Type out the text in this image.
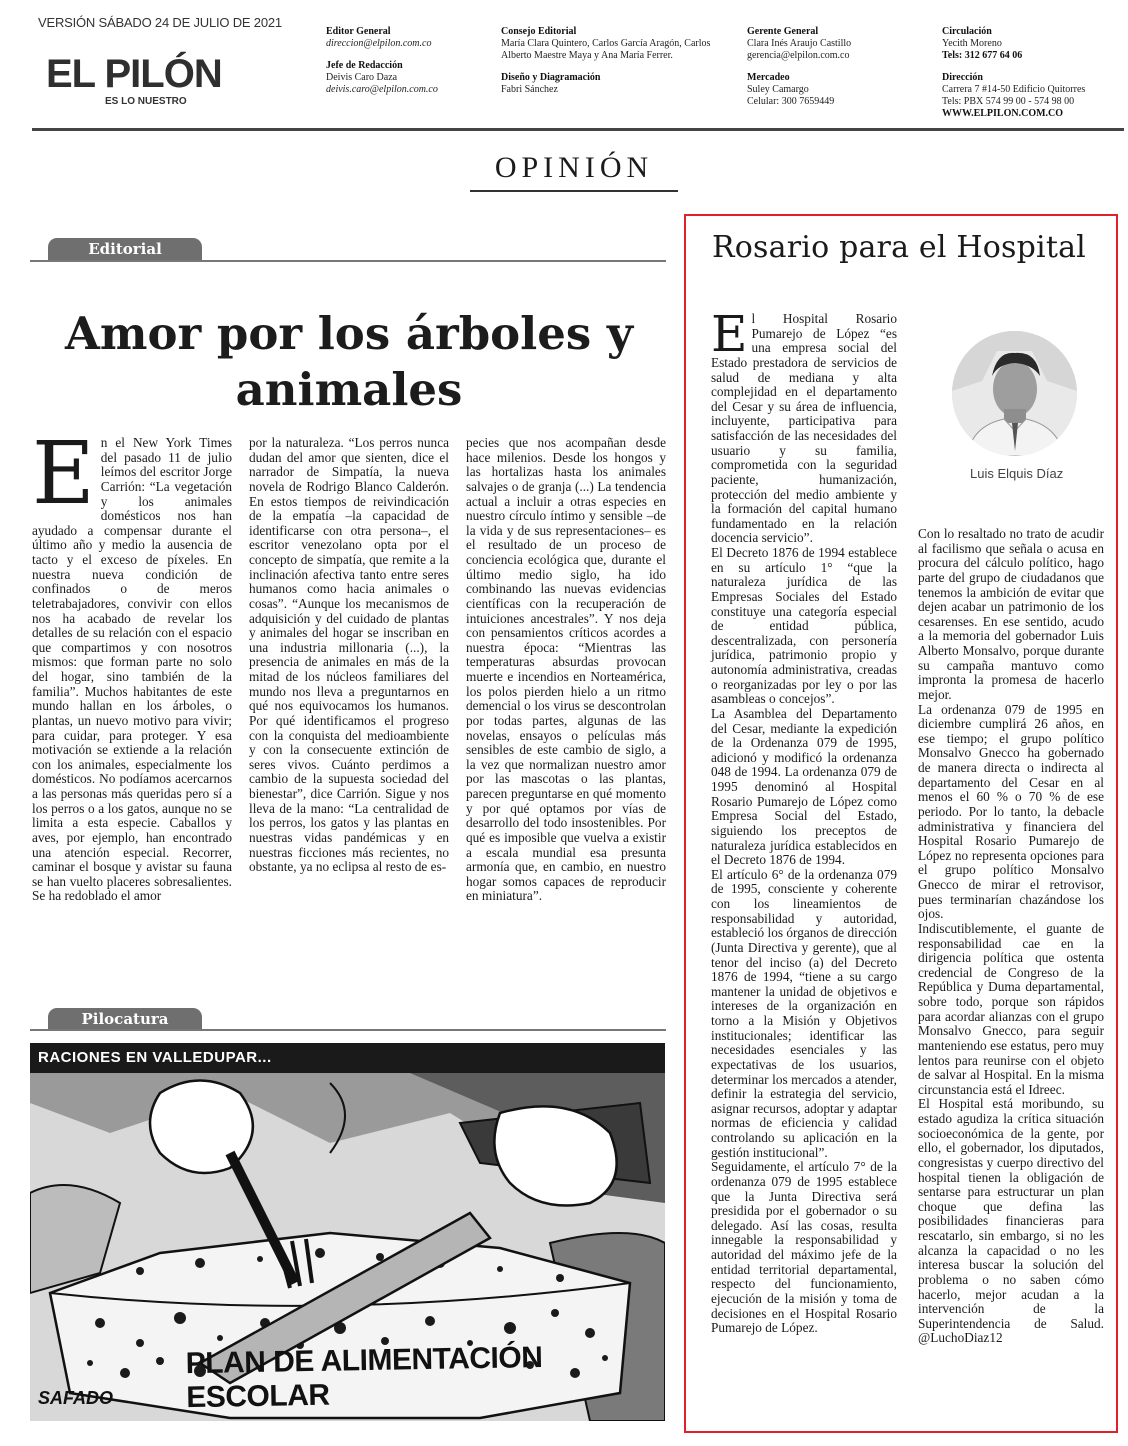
VERSIÓN SÁBADO 24 DE JULIO DE 2021
EL PILÓN
ES LO NUESTRO
Editor General
direccion@elpilon.com.co
Jefe de Redacción
Deivis Caro Daza
deivis.caro@elpilon.com.co
Consejo Editorial
María Clara Quintero, Carlos García Aragón, Carlos Alberto Maestre Maya y Ana María Ferrer.
Diseño y Diagramación
Fabri Sánchez
Gerente General
Clara Inés Araujo Castillo
gerencia@elpilon.com.co
Mercadeo
Suley Camargo
Celular: 300 7659449
Circulación
Yecith Moreno
Tels: 312 677 64 06
Dirección
Carrera 7 #14-50 Edificio Quitorres
Tels: PBX 574 99 00 - 574 98 00
WWW.ELPILON.COM.CO
OPINIÓN
Editorial
Amor por los árboles y animales
E n el New York Times del pasado 11 de julio leímos del escritor Jorge Carrión: “La vegetación y los animales domésticos nos han ayudado a compensar durante el último año y medio la ausencia de tacto y el exceso de píxeles. En nuestra nueva condición de confinados o de meros teletrabajadores, convivir con ellos nos ha acabado de revelar los detalles de su relación con el espacio que compartimos y con nosotros mismos: que forman parte no solo del hogar, sino también de la familia”. Muchos habitantes de este mundo hallan en los árboles, o plantas, un nuevo motivo para vivir; para cuidar, para proteger. Y esa motivación se extiende a la relación con los animales, especialmente los domésticos. No podíamos acercarnos a las personas más queridas pero sí a los perros o a los gatos, aunque no se limita a esta especie. Caballos y aves, por ejemplo, han encontrado una atención especial. Recorrer, caminar el bosque y avistar su fauna se han vuelto placeres sobresalientes. Se ha redoblado el amor

por la naturaleza. “Los perros nunca dudan del amor que sienten, dice el narrador de Simpatía, la nueva novela de Rodrigo Blanco Calderón. En estos tiempos de reivindicación de la empatía –la capacidad de identificarse con otra persona–, el escritor venezolano opta por el concepto de simpatía, que remite a la inclinación afectiva tanto entre seres humanos como hacia animales o cosas”. “Aunque los mecanismos de adquisición y del cuidado de plantas y animales del hogar se inscriban en una industria millonaria (...), la presencia de animales en más de la mitad de los núcleos familiares del mundo nos lleva a preguntarnos en qué nos equivocamos los humanos. Por qué identificamos el progreso con la conquista del medioambiente y con la consecuente extinción de seres vivos. Cuánto perdimos a cambio de la supuesta sociedad del bienestar”, dice Carrión. Sigue y nos lleva de la mano: “La centralidad de los perros, los gatos y las plantas en nuestras vidas pandémicas y en nuestras ficciones más recientes, no obstante, ya no eclipsa al resto de es-
pecies que nos acompañan desde hace milenios. Desde los hongos y las hortalizas hasta los animales salvajes o de granja (...) La tendencia actual a incluir a otras especies en nuestro círculo íntimo y sensible –de la vida y de sus representaciones– es el resultado de un proceso de conciencia ecológica que, durante el último medio siglo, ha ido combinando las nuevas evidencias científicas con la recuperación de intuiciones ancestrales”. Y nos deja con pensamientos críticos acordes a nuestra época: “Mientras las temperaturas absurdas provocan muerte e incendios en Norteamérica, los polos pierden hielo a un ritmo demencial o los virus se descontrolan por todas partes, algunas de las novelas, ensayos o películas más sensibles de este cambio de siglo, a la vez que normalizan nuestro amor por las mascotas o las plantas, parecen preguntarse en qué momento y por qué optamos por vías de desarrollo del todo insostenibles. Por qué es imposible que vuelva a existir a escala mundial esa presunta armonía que, en cambio, en nuestro hogar somos capaces de reproducir en miniatura”.
Pilocatura
RACIONES EN VALLEDUPAR...
PLAN DE ALIMENTACIÓN ESCOLAR
SAFADO
Rosario para el Hospital
E l Hospital Rosario Pumarejo de López “es una empresa social del Estado prestadora de servicios de salud de mediana y alta complejidad en el departamento del Cesar y su área de influencia, incluyente, participativa para satisfacción de las necesidades del usuario y su familia, comprometida con la seguridad paciente, humanización, protección del medio ambiente y la formación del capital humano fundamentado en la relación docencia servicio”.

El Decreto 1876 de 1994 establece en su artículo 1° “que la naturaleza jurídica de las Empresas Sociales del Estado constituye una categoría especial de entidad pública, descentralizada, con personería jurídica, patrimonio propio y autonomía administrativa, creadas o reorganizadas por ley o por las asambleas o concejos”.

La Asamblea del Departamento del Cesar, mediante la expedición de la Ordenanza 079 de 1995, adicionó y modificó la ordenanza 048 de 1994. La ordenanza 079 de 1995 denominó al Hospital Rosario Pumarejo de López como Empresa Social del Estado, siguiendo los preceptos de naturaleza jurídica establecidos en el Decreto 1876 de 1994.

El artículo 6° de la ordenanza 079 de 1995, consciente y coherente con los lineamientos de responsabilidad y autoridad, estableció los órganos de dirección (Junta Directiva y gerente), que al tenor del inciso (a) del Decreto 1876 de 1994, “tiene a su cargo mantener la unidad de objetivos e intereses de la organización en torno a la Misión y Objetivos institucionales; identificar las necesidades esenciales y las expectativas de los usuarios, determinar los mercados a atender, definir la estrategia del servicio, asignar recursos, adoptar y adaptar normas de eficiencia y calidad controlando su aplicación en la gestión institucional”.

Seguidamente, el artículo 7° de la ordenanza 079 de 1995 establece que la Junta Directiva será presidida por el gobernador o su delegado. Así las cosas, resulta innegable la responsabilidad y autoridad del máximo jefe de la entidad territorial departamental, respecto del funcionamiento, ejecución de la misión y toma de decisiones en el Hospital Rosario Pumarejo de López.

Luis Elquis Díaz

Con lo resaltado no trato de acudir al facilismo que señala o acusa en procura del cálculo político, hago parte del grupo de ciudadanos que tenemos la ambición de evitar que dejen acabar un patrimonio de los cesarenses. En ese sentido, acudo a la memoria del gobernador Luis Alberto Monsalvo, porque durante su campaña mantuvo como impronta la promesa de hacerlo mejor.

La ordenanza 079 de 1995 en diciembre cumplirá 26 años, en ese tiempo; el grupo político Monsalvo Gnecco ha gobernado de manera directa o indirecta al departamento del Cesar en al menos el 60 % o 70 % de ese periodo. Por lo tanto, la debacle administrativa y financiera del Hospital Rosario Pumarejo de López no representa opciones para el grupo político Monsalvo Gnecco de mirar el retrovisor, pues terminarían chazándose los ojos.

Indiscutiblemente, el guante de responsabilidad cae en la dirigencia política que ostenta credencial de Congreso de la República y Duma departamental, sobre todo, porque son rápidos para acordar alianzas con el grupo Monsalvo Gnecco, para seguir manteniendo ese estatus, pero muy lentos para reunirse con el objeto de salvar al Hospital. En la misma circunstancia está el Idreec.

El Hospital está moribundo, su estado agudiza la crítica situación socioeconómica de la gente, por ello, el gobernador, los diputados, congresistas y cuerpo directivo del hospital tienen la obligación de sentarse para estructurar un plan choque que defina las posibilidades financieras para rescatarlo, sin embargo, si no les alcanza la capacidad o no les interesa buscar la solución del problema o no saben cómo hacerlo, mejor acudan a la intervención de la Superintendencia de Salud. @LuchoDiaz12
